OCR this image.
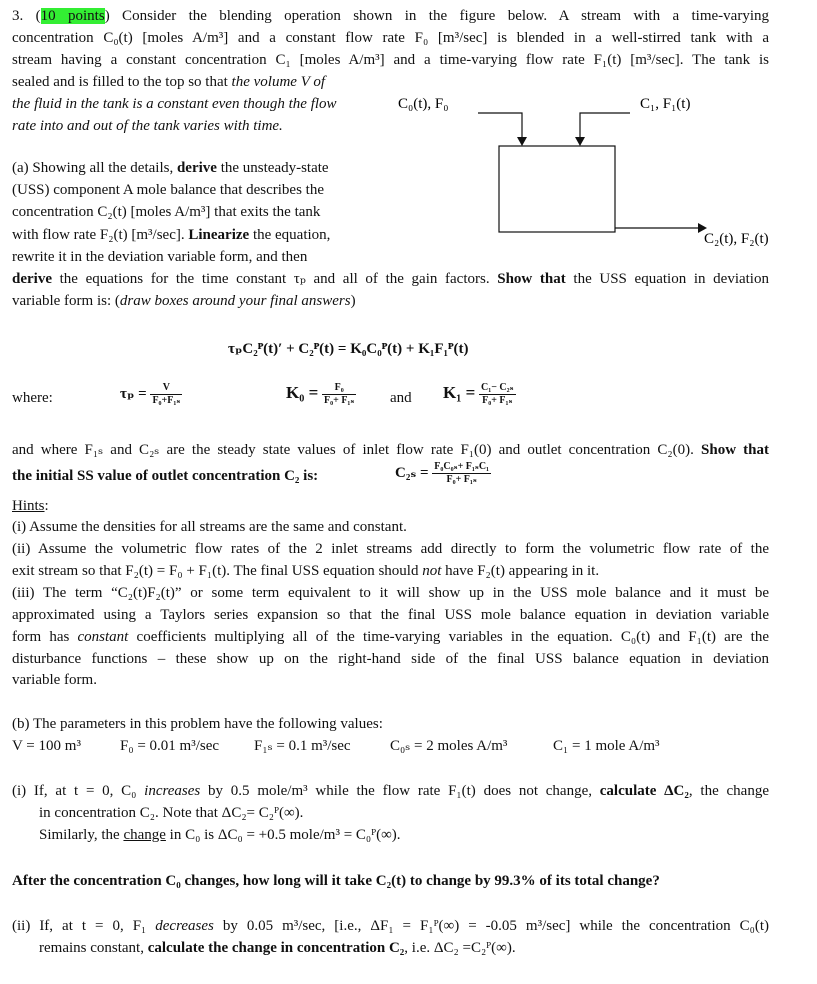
3. (10 points) Consider the blending operation shown in the figure below. A stream with a time-varying
concentration C₀(t) [moles A/m³] and a constant flow rate F₀ [m³/sec] is blended in a well-stirred tank with a
stream having a constant concentration C₁ [moles A/m³] and a time-varying flow rate F₁(t) [m³/sec]. The tank is
sealed and is filled to the top so that the volume V of
the fluid in the tank is a constant even though the flow
rate into and out of the tank varies with time.
C₀(t), F₀	C₁, F₁(t)
C₂(t), F₂(t)
(a) Showing all the details, derive the unsteady-state
(USS) component A mole balance that describes the
concentration C₂(t) [moles A/m³] that exits the tank
with flow rate F₂(t) [m³/sec]. Linearize the equation,
rewrite it in the deviation variable form, and then
derive the equations for the time constant τₚ and all of the gain factors. Show that the USS equation in deviation
variable form is: (draw boxes around your final answers)
τₚC₂ᴾ(t)′ + C₂ᴾ(t) = K₀C₀ᴾ(t) + K₁F₁ᴾ(t)
where:	$\tau_p = \frac{V}{\text{F₀+F₁ₛ}}$	$K_0 = \frac{\text{F₀}}{\text{F₀+ F₁ₛ}}$ and $K_1 = \frac{\text{C₁− C₂ₛ}}{\text{F₀+ F₁ₛ}}$
and where F₁ₛ and C₂ₛ are the steady state values of inlet flow rate F₁(0) and outlet concentration C₂(0). Show that
the initial SS value of outlet concentration C₂ is:	$C_{2s} = \frac{\text{F₀C₀ₛ+ F₁ₛC₁}}{\text{F₀+ F₁ₛ}}$
Hints:
(i) Assume the densities for all streams are the same and constant.
(ii) Assume the volumetric flow rates of the 2 inlet streams add directly to form the volumetric flow rate of the
exit stream so that F₂(t) = F₀ + F₁(t). The final USS equation should not have F₂(t) appearing in it.
(iii) The term “C₂(t)F₂(t)” or some term equivalent to it will show up in the USS mole balance and it must be
approximated using a Taylors series expansion so that the final USS mole balance equation in deviation variable
form has constant coefficients multiplying all of the time-varying variables in the equation. C₀(t) and F₁(t) are the
disturbance functions – these show up on the right-hand side of the final USS balance equation in deviation
variable form.
(b) The parameters in this problem have the following values:
V = 100 m³	F₀ = 0.01 m³/sec F₁ₛ = 0.1 m³/sec	C₀ₛ = 2 moles A/m³	C₁ = 1 mole A/m³
(i) If, at t = 0, C₀ increases by 0.5 mole/m³ while the flow rate F₁(t) does not change, calculate ΔC₂, the change
in concentration C₂. Note that ΔC₂= C₂ᴾ(∞).
Similarly, the change in C₀ is ΔC₀ = +0.5 mole/m³ = C₀ᴾ(∞).
After the concentration C₀ changes, how long will it take C₂(t) to change by 99.3% of its total change?
(ii) If, at t = 0, F₁ decreases by 0.05 m³/sec, [i.e., ΔF₁ = F₁ᴾ(∞) = -0.05 m³/sec] while the concentration C₀(t)
remains constant, calculate the change in concentration C₂, i.e. ΔC₂ =C₂ᴾ(∞).
